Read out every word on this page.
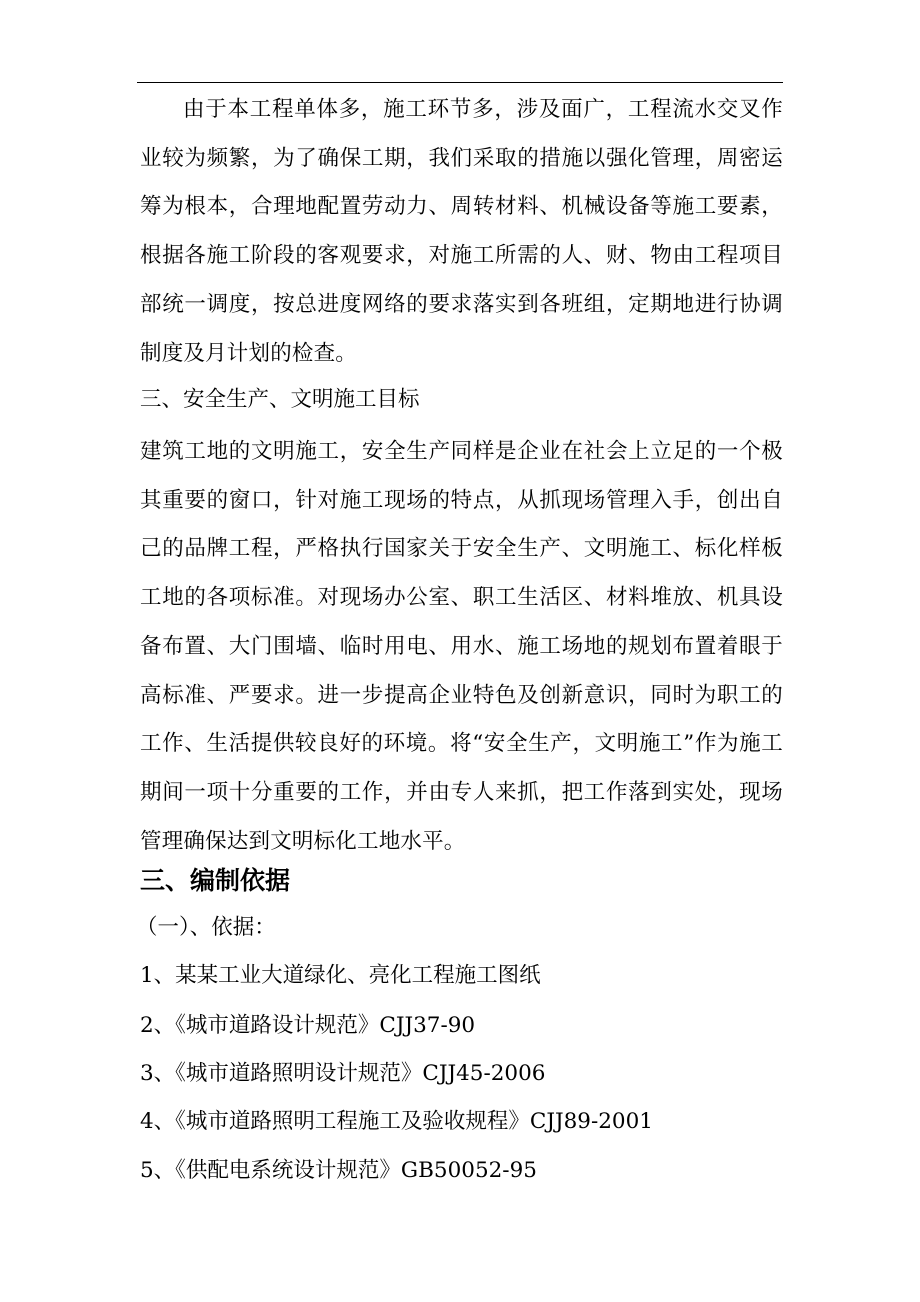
由于本工程单体多，施工环节多，涉及面广，工程流水交叉作业较为频繁，为了确保工期，我们采取的措施以强化管理，周密运筹为根本，合理地配置劳动力、周转材料、机械设备等施工要素，根据各施工阶段的客观要求，对施工所需的人、财、物由工程项目部统一调度，按总进度网络的要求落实到各班组，定期地进行协调制度及月计划的检查。

三、安全生产、文明施工目标

建筑工地的文明施工，安全生产同样是企业在社会上立足的一个极其重要的窗口，针对施工现场的特点，从抓现场管理入手，创出自己的品牌工程，严格执行国家关于安全生产、文明施工、标化样板工地的各项标准。对现场办公室、职工生活区、材料堆放、机具设备布置、大门围墙、临时用电、用水、施工场地的规划布置着眼于高标准、严要求。进一步提高企业特色及创新意识，同时为职工的工作、生活提供较良好的环境。将“安全生产，文明施工”作为施工期间一项十分重要的工作，并由专人来抓，把工作落到实处，现场管理确保达到文明标化工地水平。

三、编制依据

（一）、依据：

1、某某工业大道绿化、亮化工程施工图纸

2、《城市道路设计规范》CJJ37-90

3、《城市道路照明设计规范》CJJ45-2006

4、《城市道路照明工程施工及验收规程》CJJ89-2001

5、《供配电系统设计规范》GB50052-95
